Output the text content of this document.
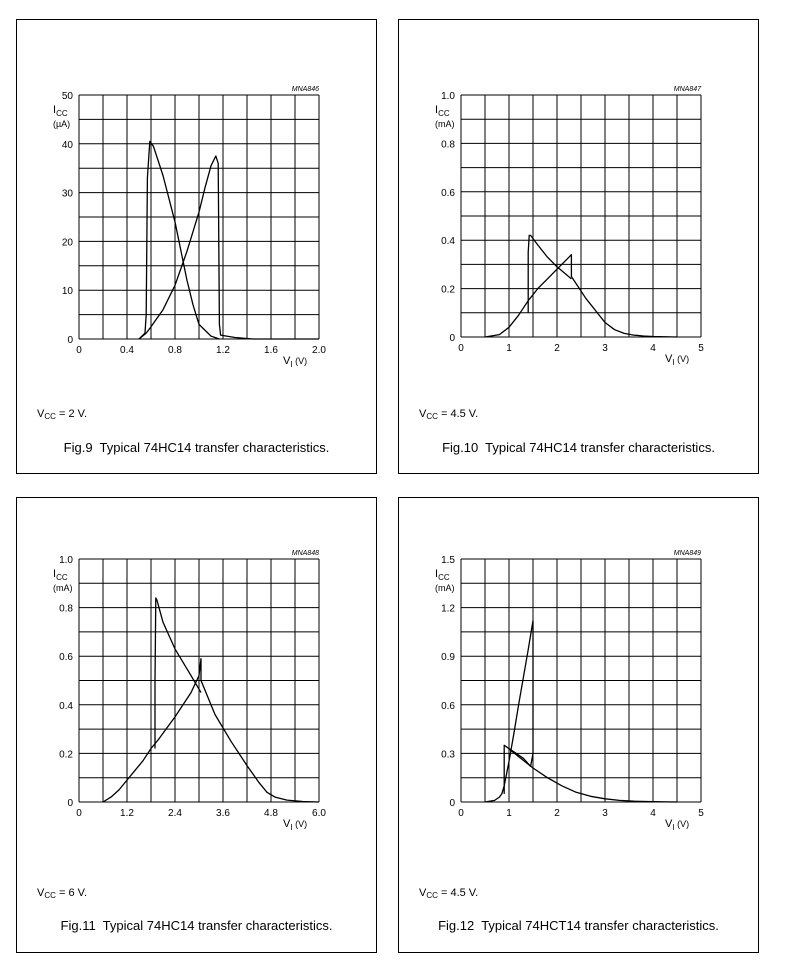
0	0.4	0.8	1.2	1.6	2.0
0
10
20
30
40
50
$I_{CC}$
(µA)
$V_I$ $^{(V)}$
MNA846
$V_{CC} = 2$ V.
Fig.9  Typical 74HC14 transfer characteristics.
0	1	2	3	4	5
0
0.2
0.4
0.6
0.8
1.0
$I_{CC}$
(mA)
$V_I$ $^{(V)}$
MNA847
$V_{CC} = 4.5$ V.
Fig.10  Typical 74HC14 transfer characteristics.
0	1.2	2.4	3.6	4.8	6.0
0
0.2
0.4
0.6
0.8
1.0
$I_{CC}$
(mA)
$V_I$ $^{(V)}$
MNA848
$V_{CC} = 6$ V.
Fig.11  Typical 74HC14 transfer characteristics.
0	1	2	3	4	5
0
0.3
0.6
0.9
1.2
1.5
$I_{CC}$
(mA)
$V_I$ $^{(V)}$
MNA849
$V_{CC} = 4.5$ V.
Fig.12  Typical 74HCT14 transfer characteristics.
